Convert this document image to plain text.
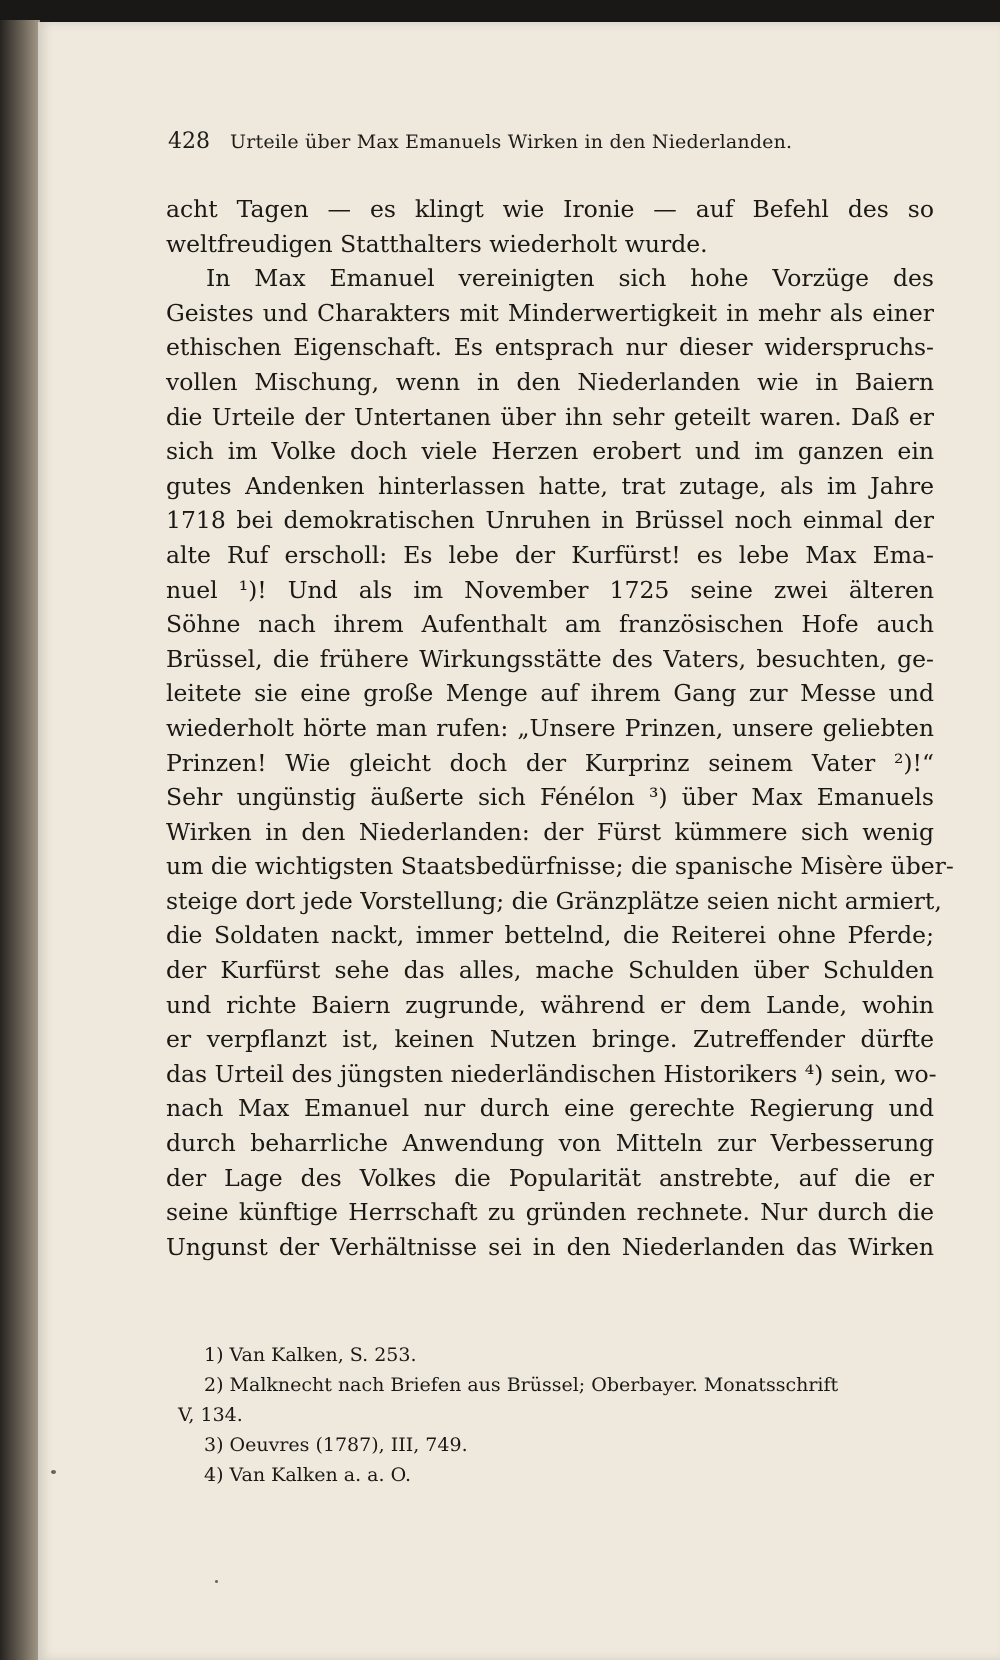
428 Urteile über Max Emanuels Wirken in den Niederlanden.
acht Tagen — es klingt wie Ironie — auf Befehl des so
weltfreudigen Statthalters wiederholt wurde.
In Max Emanuel vereinigten sich hohe Vorzüge des
Geistes und Charakters mit Minderwertigkeit in mehr als einer
ethischen Eigenschaft. Es entsprach nur dieser widerspruchs-
vollen Mischung, wenn in den Niederlanden wie in Baiern
die Urteile der Untertanen über ihn sehr geteilt waren. Daß er
sich im Volke doch viele Herzen erobert und im ganzen ein
gutes Andenken hinterlassen hatte, trat zutage, als im Jahre
1718 bei demokratischen Unruhen in Brüssel noch einmal der
alte Ruf erscholl: Es lebe der Kurfürst! es lebe Max Ema-
nuel ¹)! Und als im November 1725 seine zwei älteren
Söhne nach ihrem Aufenthalt am französischen Hofe auch
Brüssel, die frühere Wirkungsstätte des Vaters, besuchten, ge-
leitete sie eine große Menge auf ihrem Gang zur Messe und
wiederholt hörte man rufen: „Unsere Prinzen, unsere geliebten
Prinzen! Wie gleicht doch der Kurprinz seinem Vater ²)!“
Sehr ungünstig äußerte sich Fénélon ³) über Max Emanuels
Wirken in den Niederlanden: der Fürst kümmere sich wenig
um die wichtigsten Staatsbedürfnisse; die spanische Misère über-
steige dort jede Vorstellung; die Gränzplätze seien nicht armiert,
die Soldaten nackt, immer bettelnd, die Reiterei ohne Pferde;
der Kurfürst sehe das alles, mache Schulden über Schulden
und richte Baiern zugrunde, während er dem Lande, wohin
er verpflanzt ist, keinen Nutzen bringe. Zutreffender dürfte
das Urteil des jüngsten niederländischen Historikers ⁴) sein, wo-
nach Max Emanuel nur durch eine gerechte Regierung und
durch beharrliche Anwendung von Mitteln zur Verbesserung
der Lage des Volkes die Popularität anstrebte, auf die er
seine künftige Herrschaft zu gründen rechnete. Nur durch die
Ungunst der Verhältnisse sei in den Niederlanden das Wirken
1) Van Kalken, S. 253.
2) Malknecht nach Briefen aus Brüssel; Oberbayer. Monatsschrift
V, 134.
3) Oeuvres (1787), III, 749.
4) Van Kalken a. a. O.
